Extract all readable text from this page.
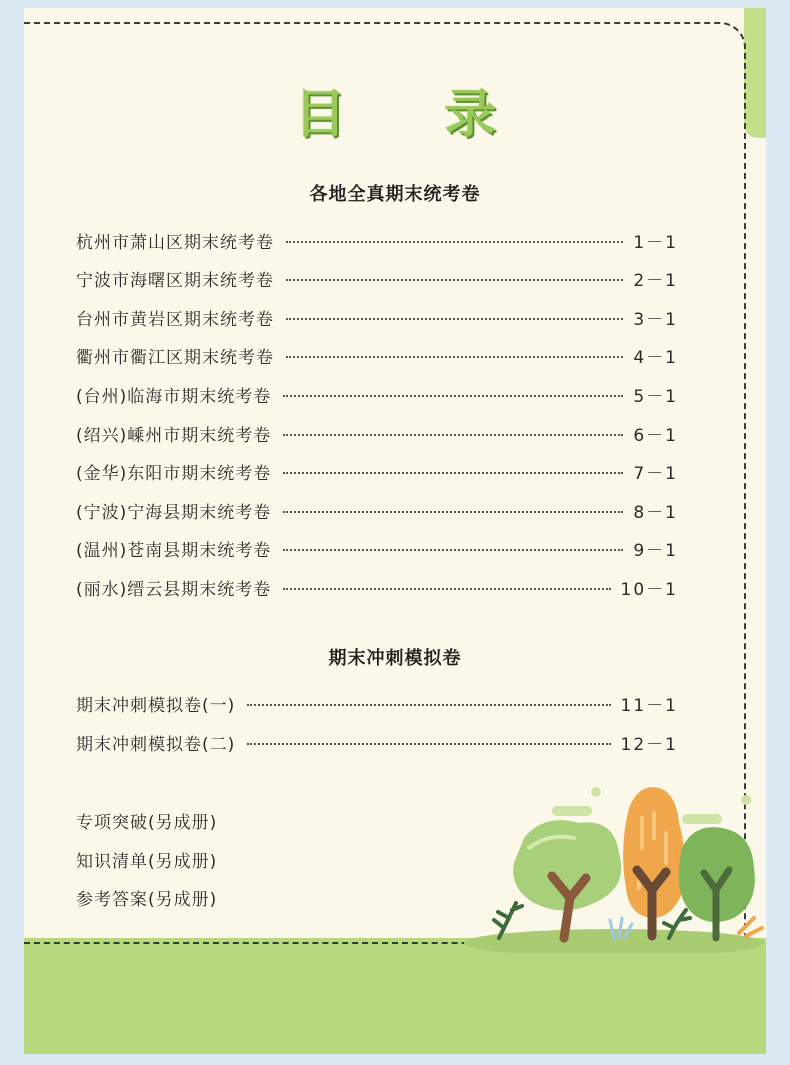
目 录
各地全真期末统考卷
杭州市萧山区期末统考卷	1－1
宁波市海曙区期末统考卷	2－1
台州市黄岩区期末统考卷	3－1
衢州市衢江区期末统考卷	4－1
(台州)临海市期末统考卷	5－1
(绍兴)嵊州市期末统考卷	6－1
(金华)东阳市期末统考卷	7－1
(宁波)宁海县期末统考卷	8－1
(温州)苍南县期末统考卷	9－1
(丽水)缙云县期末统考卷	10－1
期末冲刺模拟卷
期末冲刺模拟卷(一)	11－1
期末冲刺模拟卷(二)	12－1
专项突破(另成册)
知识清单(另成册)
参考答案(另成册)
